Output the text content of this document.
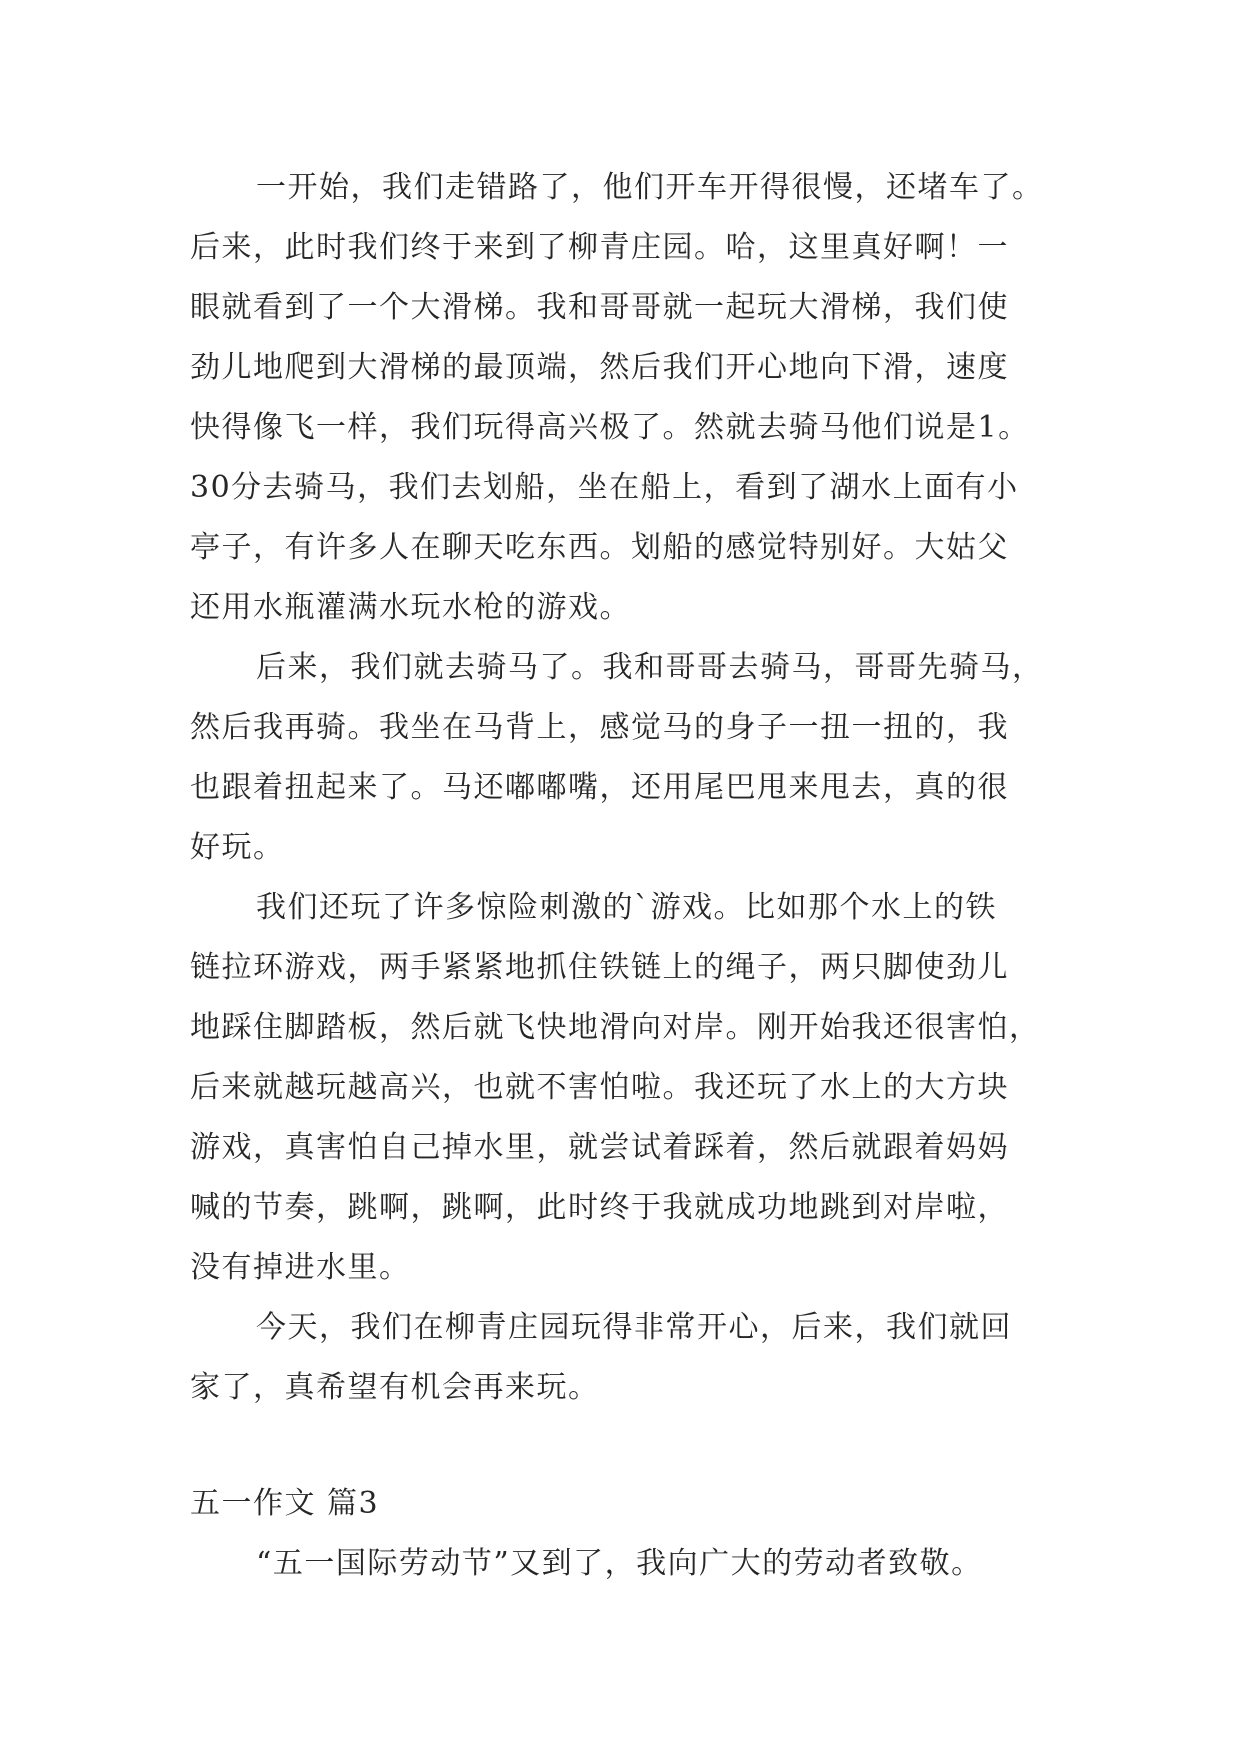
一开始，我们走错路了，他们开车开得很慢，还堵车了。
后来，此时我们终于来到了柳青庄园。哈，这里真好啊！一
眼就看到了一个大滑梯。我和哥哥就一起玩大滑梯，我们使
劲儿地爬到大滑梯的最顶端，然后我们开心地向下滑，速度
快得像飞一样，我们玩得高兴极了。然就去骑马他们说是1。
30分去骑马，我们去划船，坐在船上，看到了湖水上面有小
亭子，有许多人在聊天吃东西。划船的感觉特别好。大姑父
还用水瓶灌满水玩水枪的游戏。

后来，我们就去骑马了。我和哥哥去骑马，哥哥先骑马，
然后我再骑。我坐在马背上，感觉马的身子一扭一扭的，我
也跟着扭起来了。马还嘟嘟嘴，还用尾巴甩来甩去，真的很
好玩。

我们还玩了许多惊险刺激的`游戏。比如那个水上的铁
链拉环游戏，两手紧紧地抓住铁链上的绳子，两只脚使劲儿
地踩住脚踏板，然后就飞快地滑向对岸。刚开始我还很害怕，
后来就越玩越高兴，也就不害怕啦。我还玩了水上的大方块
游戏，真害怕自己掉水里，就尝试着踩着，然后就跟着妈妈
喊的节奏，跳啊，跳啊，此时终于我就成功地跳到对岸啦，
没有掉进水里。

今天，我们在柳青庄园玩得非常开心，后来，我们就回
家了，真希望有机会再来玩。

五一作文 篇3

“五一国际劳动节”又到了，我向广大的劳动者致敬。
